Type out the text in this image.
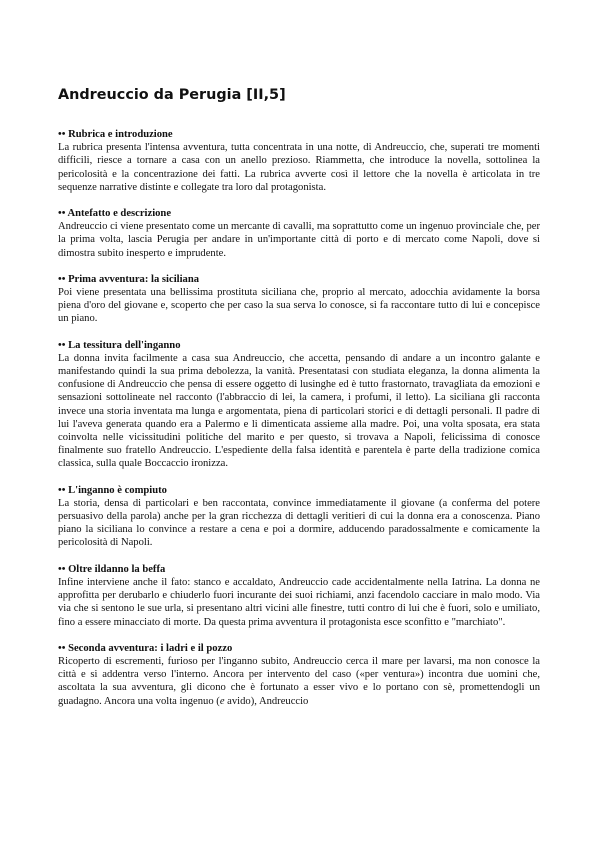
Andreuccio da Perugia [II,5]

•• Rubrica e introduzione

La rubrica presenta l'intensa avventura, tutta concentrata in una notte, di Andreuccio, che, superati tre momenti difficili, riesce a tornare a casa con un anello prezioso. Riammetta, che introduce la novella, sottolinea la pericolosità e la concentrazione dei fatti. La rubrica avverte così il lettore che la novella è articolata in tre sequenze narrative distinte e collegate tra loro dal protagonista.

•• Antefatto e descrizione

Andreuccio ci viene presentato come un mercante di cavalli, ma soprattutto come un ingenuo provinciale che, per la prima volta, lascia Perugia per andare in un'importante città di porto e di mercato come Napoli, dove si dimostra subito inesperto e imprudente.

•• Prima avventura: la siciliana

Poi viene presentata una bellissima prostituta siciliana che, proprio al mercato, adocchia avidamente la borsa piena d'oro del giovane e, scoperto che per caso la sua serva lo conosce, si fa raccontare tutto di lui e concepisce un piano.

•• La tessitura dell'inganno

La donna invita facilmente a casa sua Andreuccio, che accetta, pensando di andare a un incontro galante e manifestando quindi la sua prima debolezza, la vanità. Presentatasi con studiata eleganza, la donna alimenta la confusione di Andreuccio che pensa di essere oggetto di lusinghe ed è tutto frastornato, travagliata da emozioni e sensazioni sottolineate nel racconto (l'abbraccio di lei, la camera, i profumi, il letto). La siciliana gli racconta invece una storia inventata ma lunga e argomentata, piena di particolari storici e di dettagli personali. Il padre di lui l'aveva generata quando era a Palermo e li dimenticata assieme alla madre. Poi, una volta sposata, era stata coinvolta nelle vicissitudini politiche del marito e per questo, si trovava a Napoli, felicissima di conosce finalmente suo fratello Andreuccio. L'espediente della falsa identità e parentela è parte della tradizione comica classica, sulla quale Boccaccio ironizza.

•• L'inganno è compiuto

La storia, densa di particolari e ben raccontata, convince immediatamente il giovane (a conferma del potere persuasivo della parola) anche per la gran ricchezza di dettagli veritieri di cui la donna era a conoscenza. Piano piano la siciliana lo convince a restare a cena e poi a dormire, adducendo paradossalmente e comicamente la pericolosità di Napoli.

•• Oltre ildanno la beffa

Infine interviene anche il fato: stanco e accaldato, Andreuccio cade accidentalmente nella Iatrina. La donna ne approfitta per derubarlo e chiuderlo fuori incurante dei suoi richiami, anzi facendolo cacciare in malo modo. Via via che si sentono le sue urla, si presentano altri vicini alle finestre, tutti contro di lui che è fuori, solo e umiliato, fino a essere minacciato di morte. Da questa prima avventura il protagonista esce sconfitto e "marchiato".

•• Seconda avventura: i ladri e il pozzo

Ricoperto di escrementi, furioso per l'inganno subito, Andreuccio cerca il mare per lavarsi, ma non conosce la città e si addentra verso l'interno. Ancora per intervento del caso («per ventura») incontra due uomini che, ascoltata la sua avventura, gli dicono che è fortunato a esser vivo e lo portano con sè, promettendogli un guadagno. Ancora una volta ingenuo (e avido), Andreuccio
